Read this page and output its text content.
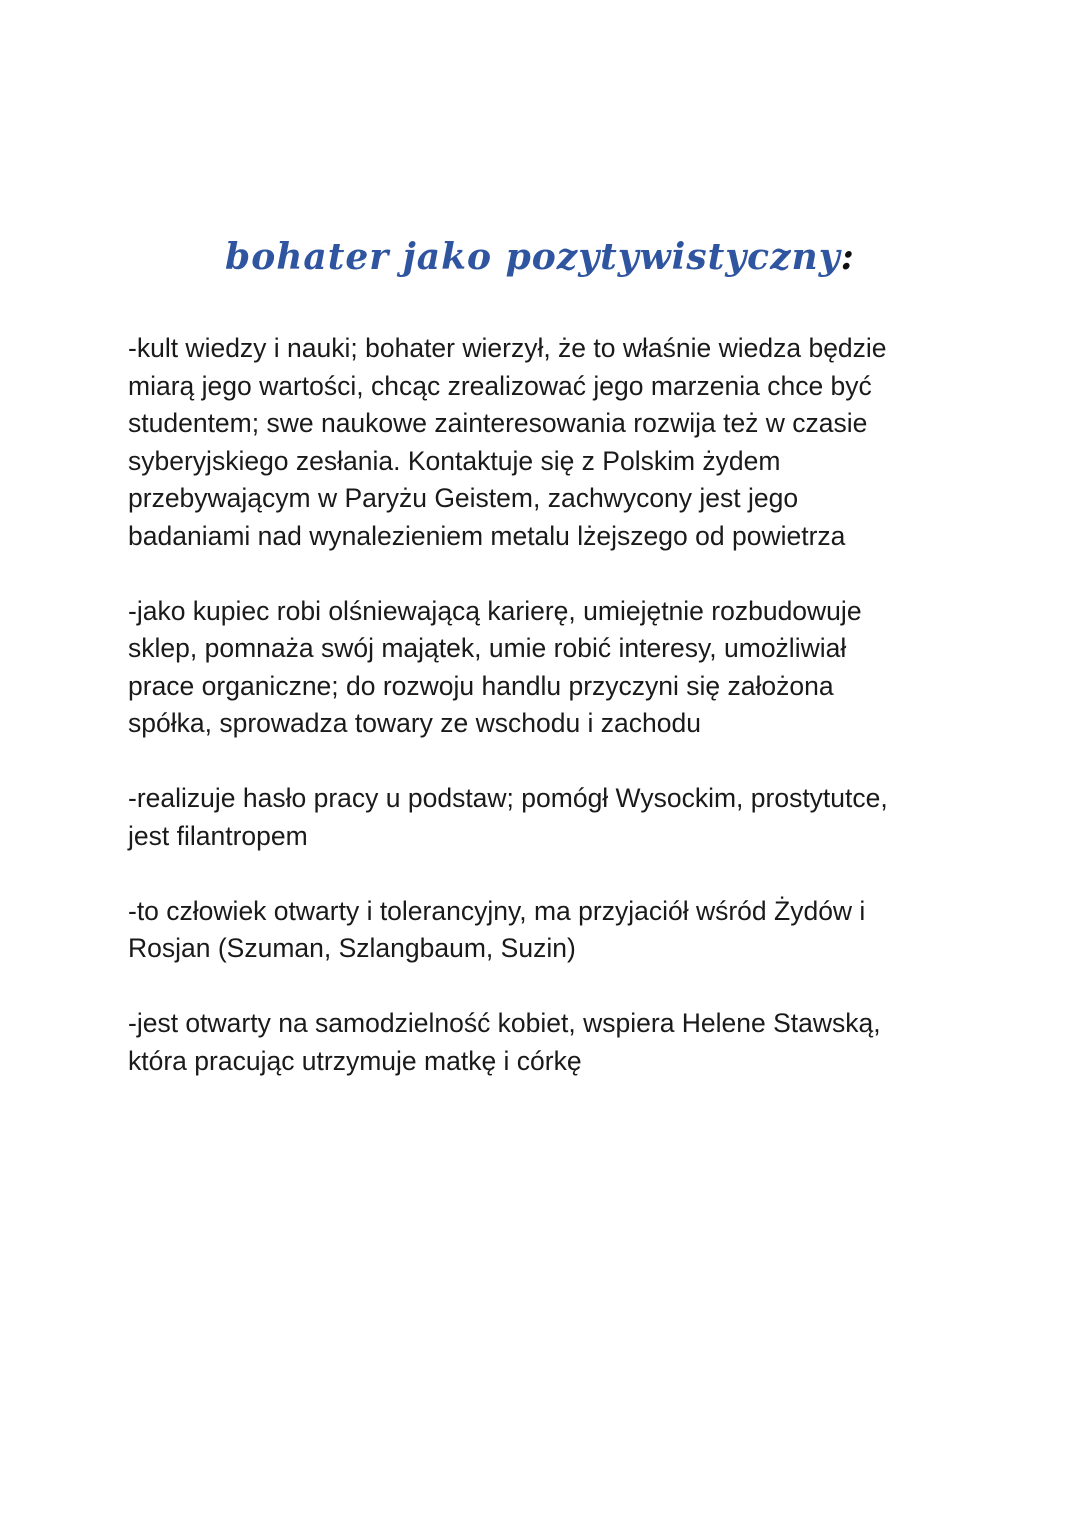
bohater jako pozytywistyczny:
-kult wiedzy i nauki; bohater wierzył, że to właśnie wiedza będzie
miarą jego wartości, chcąc zrealizować jego marzenia chce być
studentem; swe naukowe zainteresowania rozwija też w czasie
syberyjskiego zesłania. Kontaktuje się z Polskim żydem
przebywającym w Paryżu Geistem, zachwycony jest jego
badaniami nad wynalezieniem metalu lżejszego od powietrza
-jako kupiec robi olśniewającą karierę, umiejętnie rozbudowuje
sklep, pomnaża swój majątek, umie robić interesy, umożliwiał
prace organiczne; do rozwoju handlu przyczyni się założona
spółka, sprowadza towary ze wschodu i zachodu
-realizuje hasło pracy u podstaw; pomógł Wysockim, prostytutce,
jest filantropem
-to człowiek otwarty i tolerancyjny, ma przyjaciół wśród Żydów i
Rosjan (Szuman, Szlangbaum, Suzin)
-jest otwarty na samodzielność kobiet, wspiera Helene Stawską,
która pracując utrzymuje matkę i córkę
